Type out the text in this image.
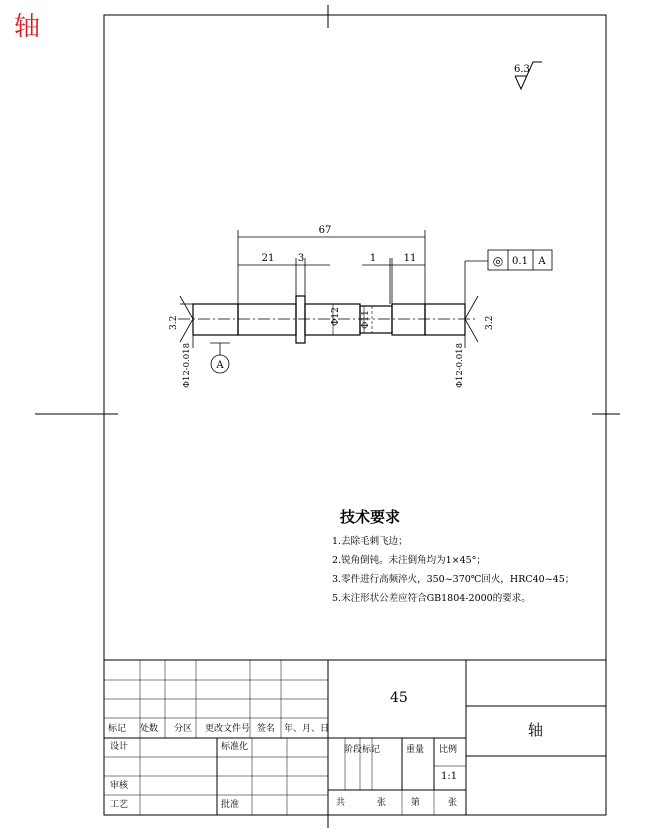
轴
6.3
67
21 3	1	11
Φ12 Φ11
3.2
Φ12-0.018 A
3.2
Φ12-0.018
◎ 0.1 A
技术要求
1.去除毛刺飞边；
2.锐角倒钝。未注倒角均为1×45°；
3.零件进行高频淬火，350~370℃回火，HRC40~45；
5.未注形状公差应符合GB1804-2000的要求。
45
轴
标记 处数 分区 更改文件号 签名 年、月、日
设计	标准化
审核
工艺	批准
阶段标记	重量 比例
1:1
共	张	第	张
